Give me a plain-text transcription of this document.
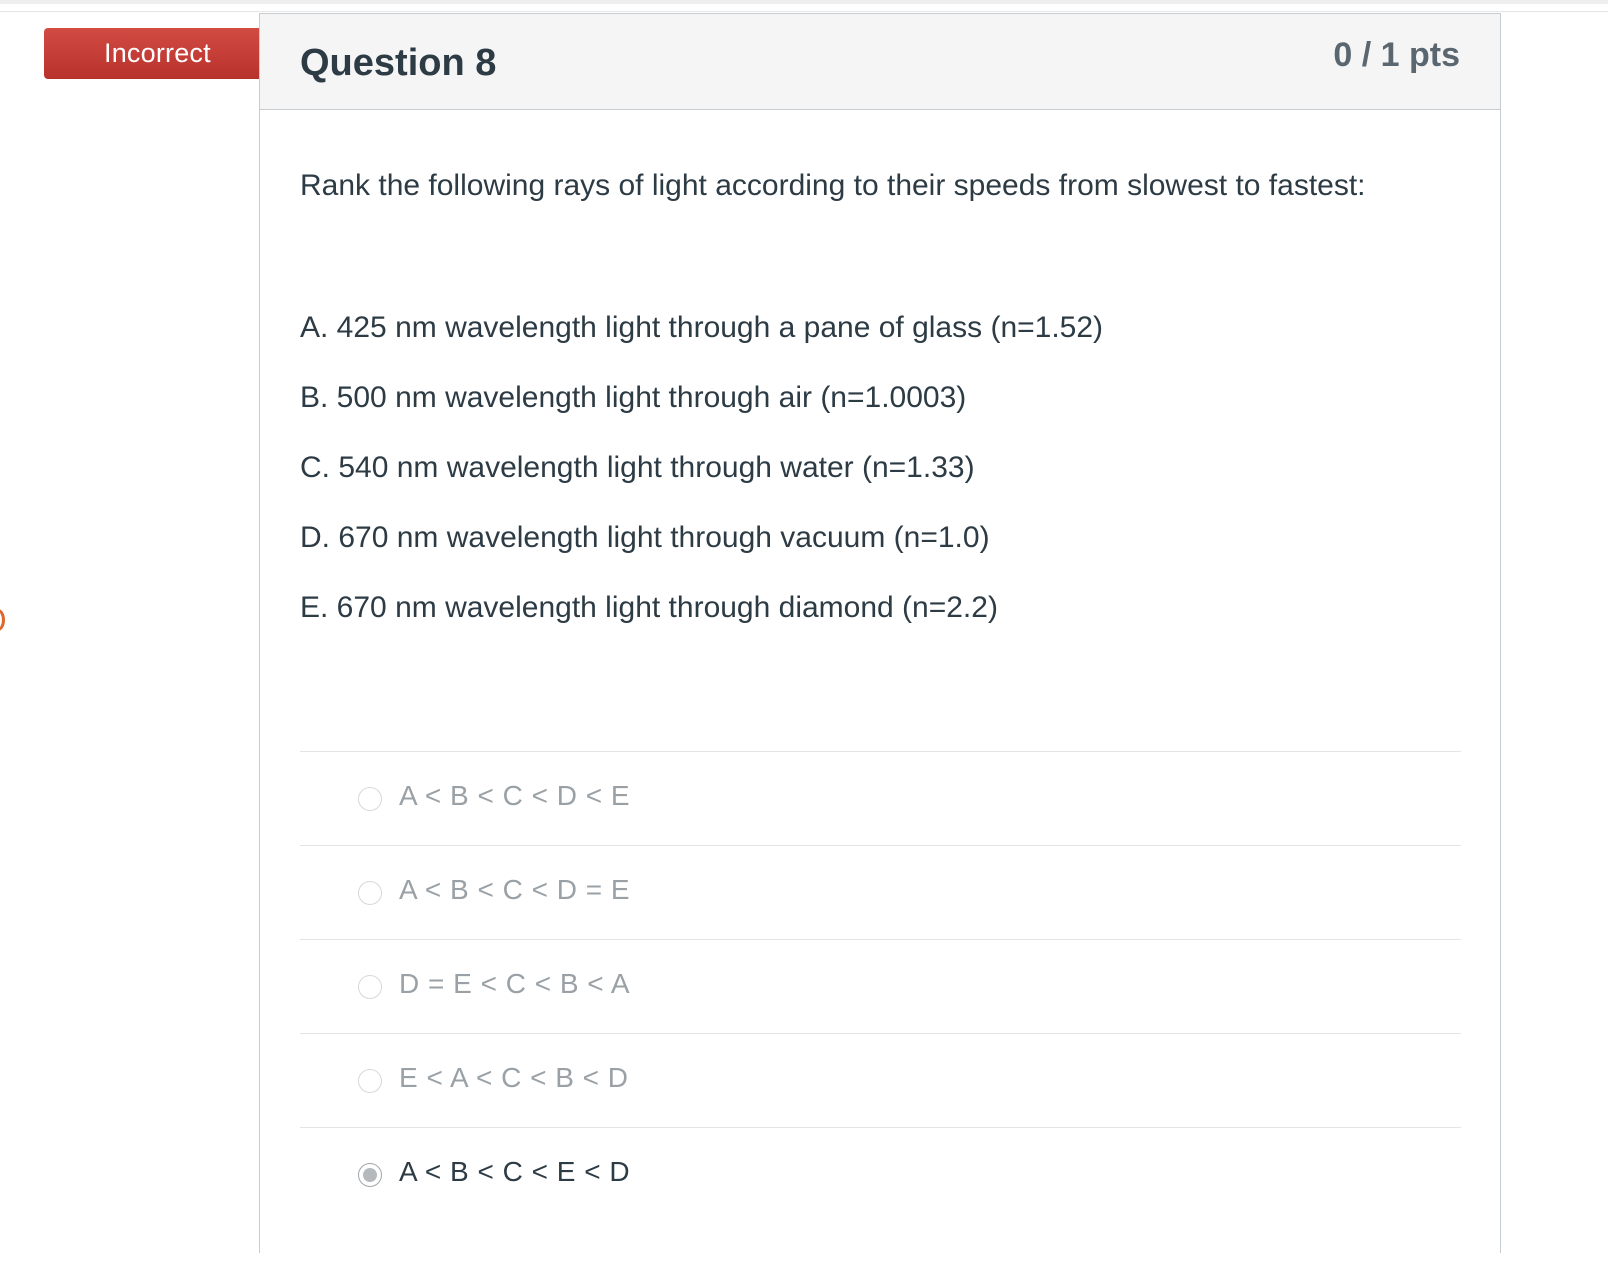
Incorrect	Question 8	0 / 1 pts
Rank the following rays of light according to their speeds from slowest to fastest:
A. 425 nm wavelength light through a pane of glass (n=1.52)
B. 500 nm wavelength light through air (n=1.0003)
C. 540 nm wavelength light through water (n=1.33)
D. 670 nm wavelength light through vacuum (n=1.0)
E. 670 nm wavelength light through diamond (n=2.2)
A < B < C < D < E
A < B < C < D = E
D = E < C < B < A
E < A < C < B < D
A < B < C < E < D
